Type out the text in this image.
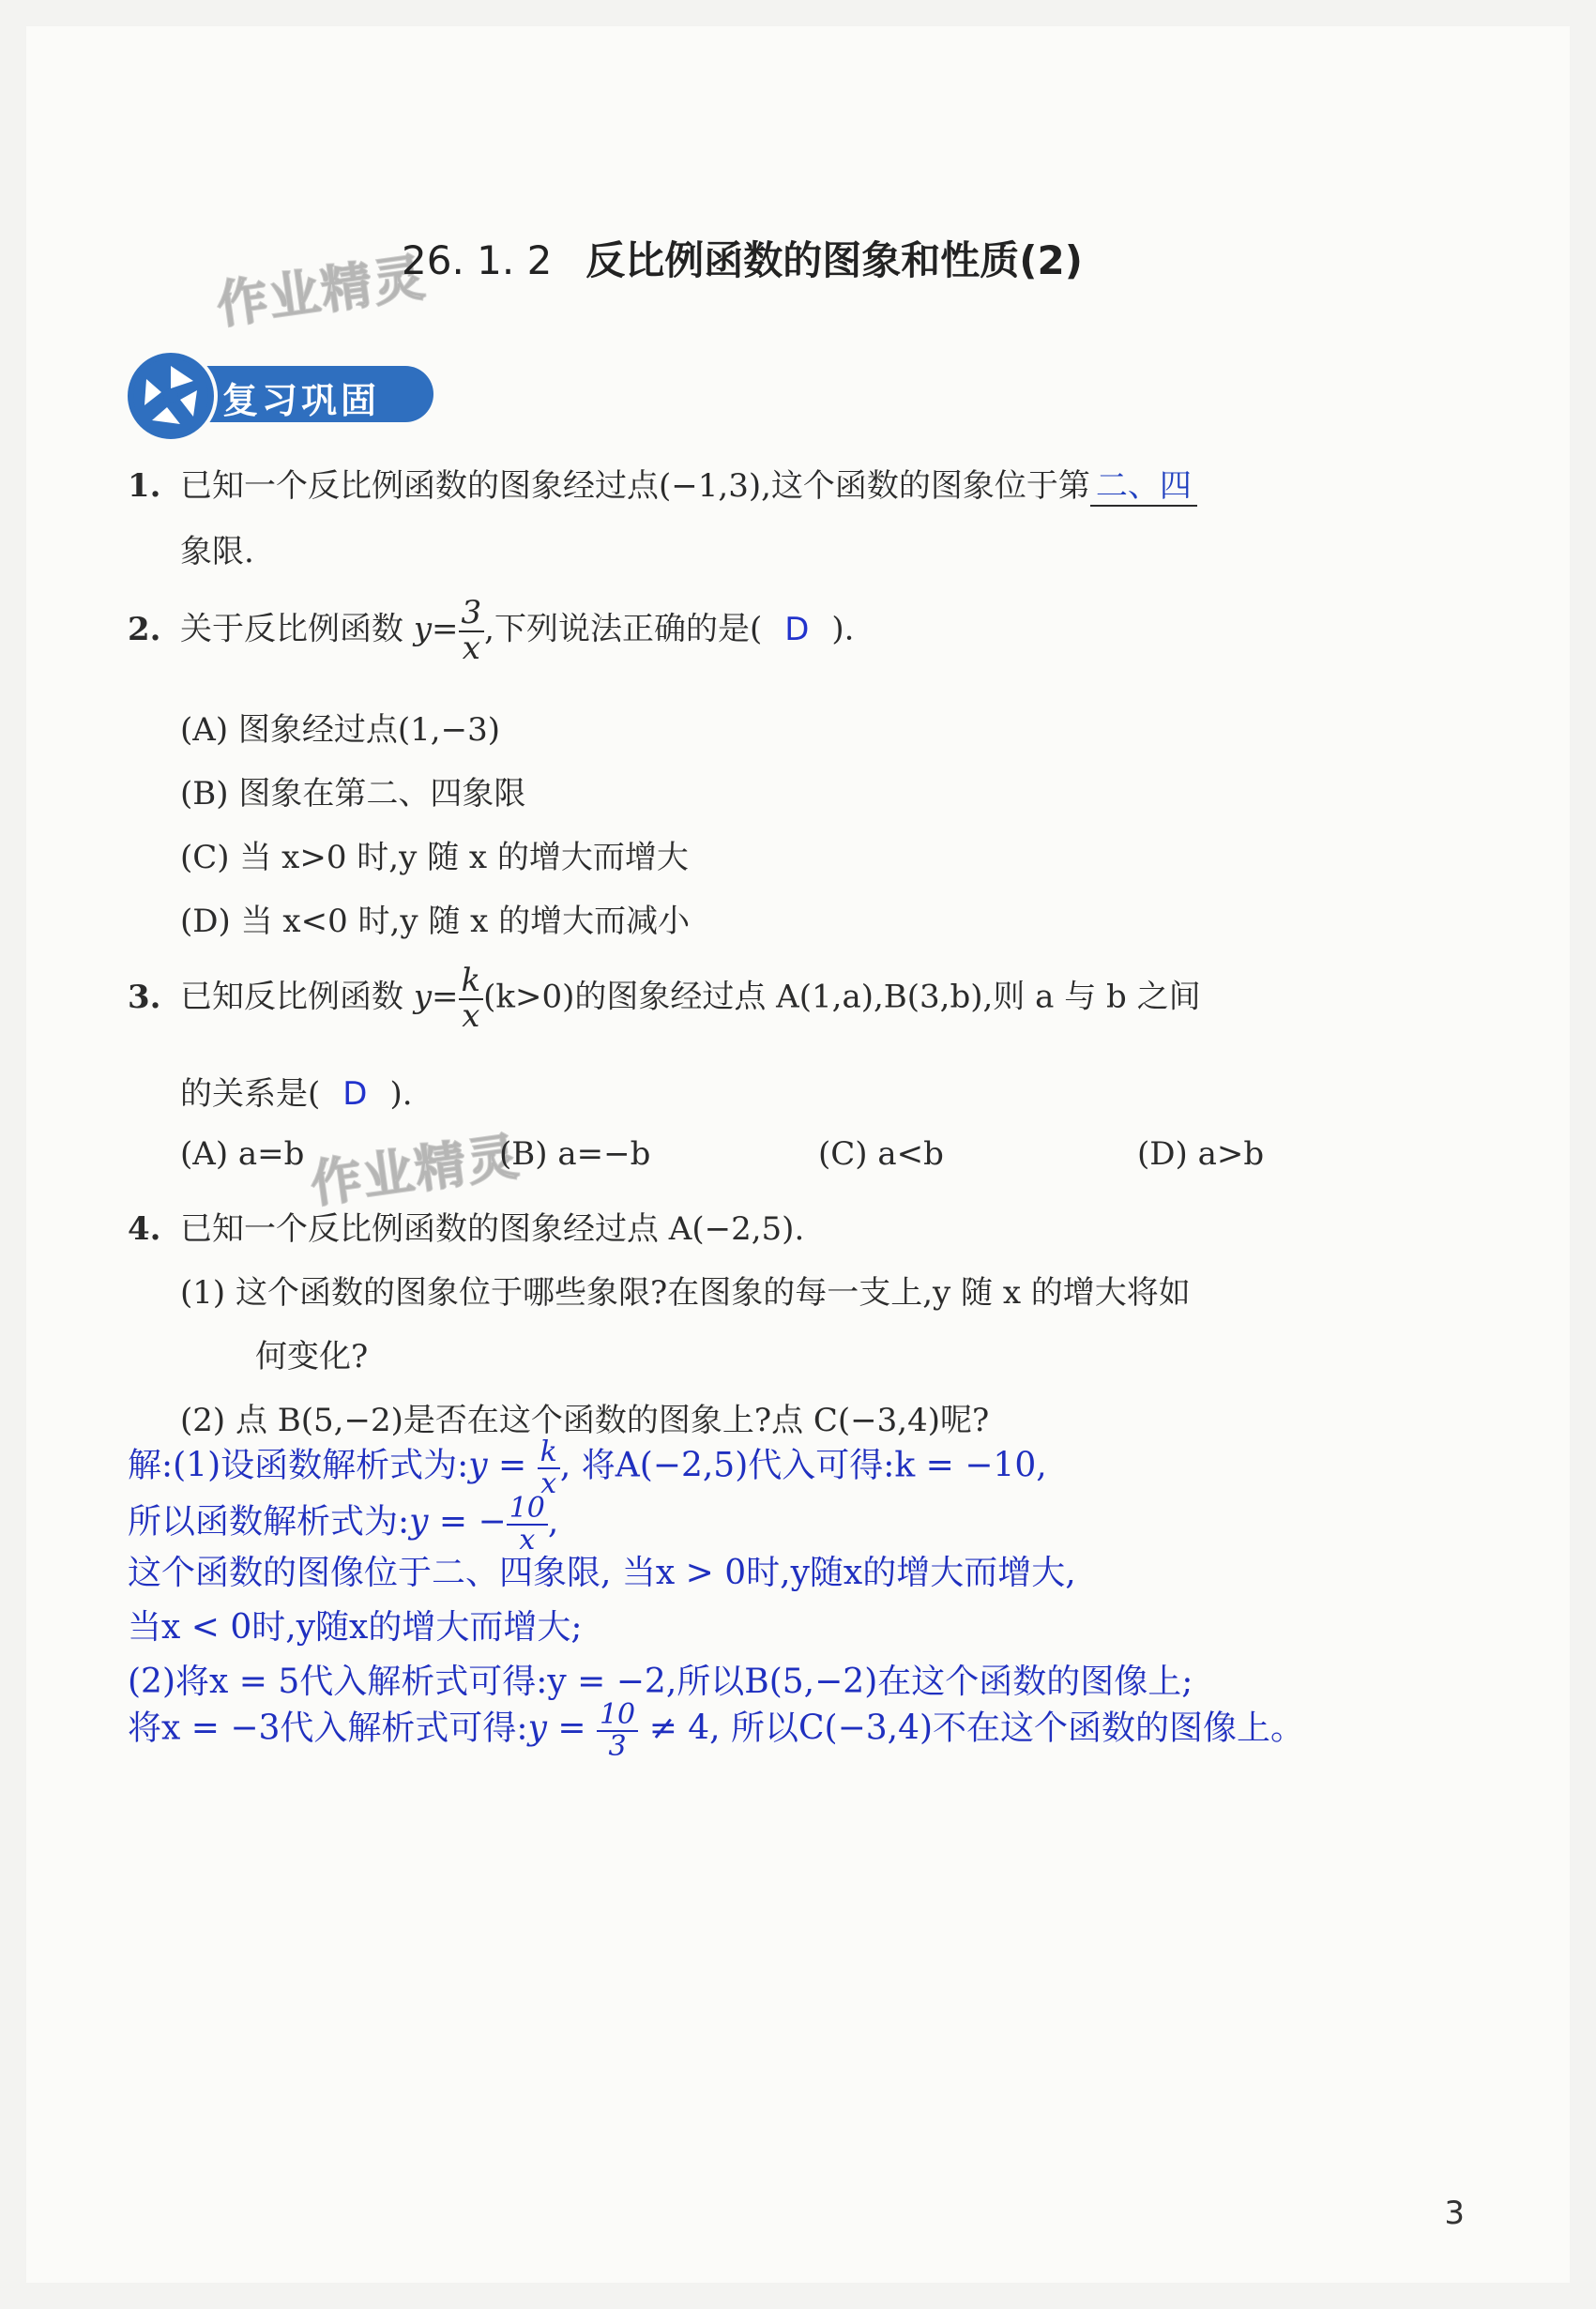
作业精灵
作业精灵
26. 1. 2 反比例函数的图象和性质(2)
复习巩固
1. 已知一个反比例函数的图象经过点(−1,3),这个函数的图象位于第 二、四
象限.
2. 关于反比例函数 $y= \frac{3}{x}$ ,下列说法正确的是( D ).
(A) 图象经过点(1,−3)
(B) 图象在第二、四象限
(C) 当 x>0 时,y 随 x 的增大而增大
(D) 当 x<0 时,y 随 x 的增大而减小
3. 已知反比例函数 $y= \frac{k}{x} (k>0)$的图象经过点 A(1,a),B(3,b),则 a 与 b 之间
的关系是( D ).
(A) a=b	(B) a=−b	(C) a<b	(D) a>b
4. 已知一个反比例函数的图象经过点 A(−2,5).
(1) 这个函数的图象位于哪些象限?在图象的每一支上,y 随 x 的增大将如
何变化?
(2) 点 B(5,−2)是否在这个函数的图象上?点 C(−3,4)呢?
解:(1)设函数解析式为:y = $\frac{k}{x}$ , 将A(−2,5)代入可得:k = −10,
所以函数解析式为:y = − $\frac{10}{x}$ ,
这个函数的图像位于二、四象限, 当x > 0时,y随x的增大而增大,
当x < 0时,y随x的增大而增大;
(2)将x = 5代入解析式可得:y = −2,所以B(5,−2)在这个函数的图像上;
将x = −3代入解析式可得:y = $\frac{10}{3} \ne 4$, 所以C(−3,4)不在这个函数的图像上。
3
